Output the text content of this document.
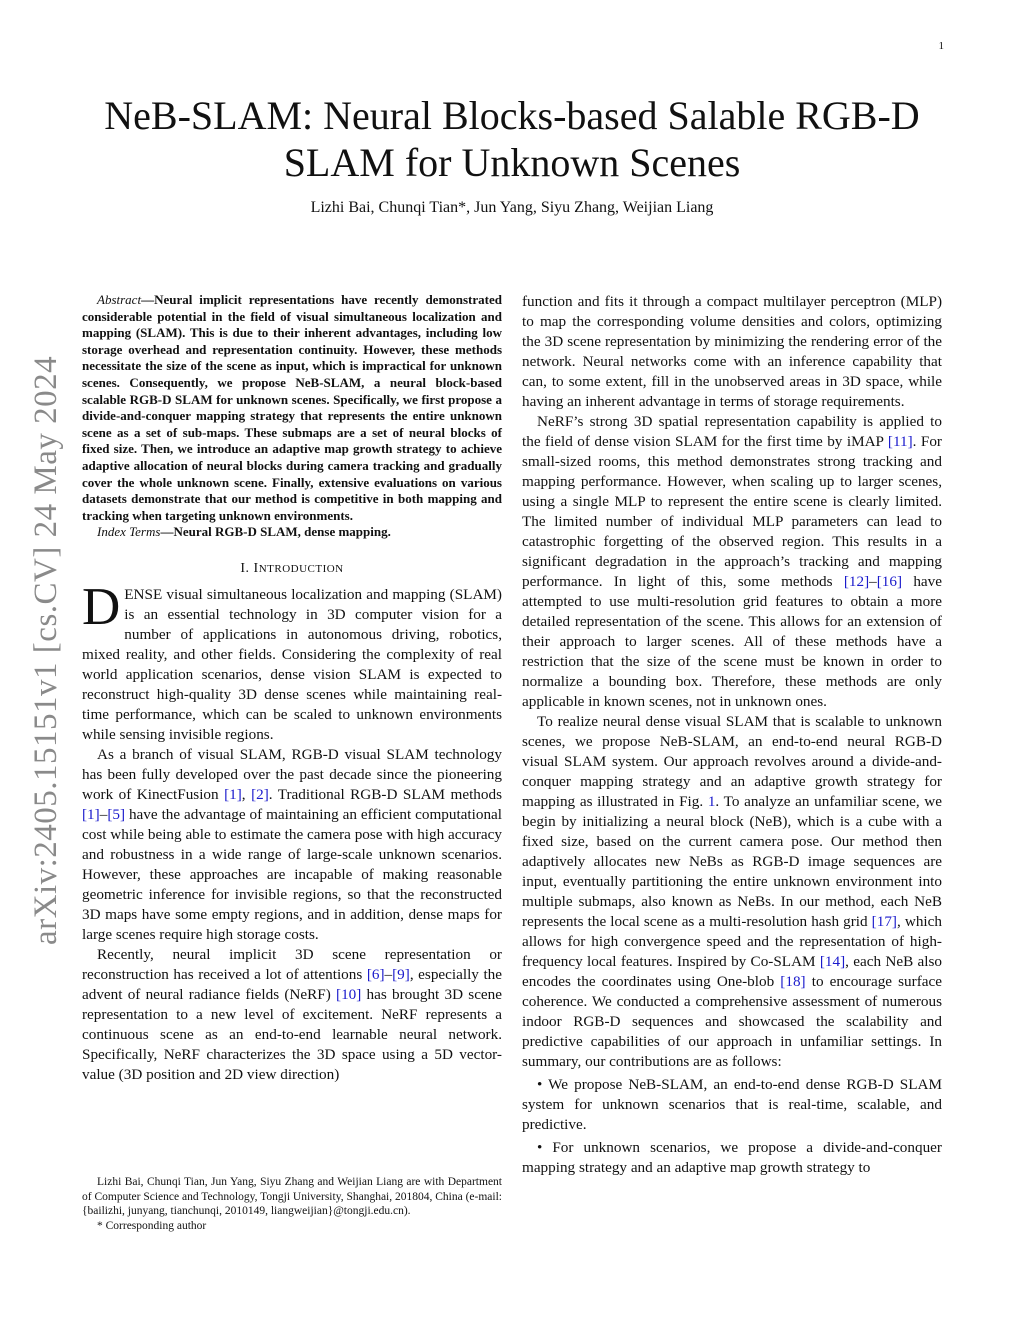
1
arXiv:2405.15151v1 [cs.CV] 24 May 2024
NeB-SLAM: Neural Blocks-based Salable RGB-D SLAM for Unknown Scenes
Lizhi Bai, Chunqi Tian*, Jun Yang, Siyu Zhang, Weijian Liang

Abstract—Neural implicit representations have recently demonstrated considerable potential in the field of visual simultaneous localization and mapping (SLAM). This is due to their inherent advantages, including low storage overhead and representation continuity. However, these methods necessitate the size of the scene as input, which is impractical for unknown scenes. Consequently, we propose NeB-SLAM, a neural block-based scalable RGB-D SLAM for unknown scenes. Specifically, we first propose a divide-and-conquer mapping strategy that represents the entire unknown scene as a set of sub-maps. These submaps are a set of neural blocks of fixed size. Then, we introduce an adaptive map growth strategy to achieve adaptive allocation of neural blocks during camera tracking and gradually cover the whole unknown scene. Finally, extensive evaluations on various datasets demonstrate that our method is competitive in both mapping and tracking when targeting unknown environments.

Index Terms—Neural RGB-D SLAM, dense mapping.

I. INTRODUCTION

DENSE visual simultaneous localization and mapping (SLAM) is an essential technology in 3D computer vision for a number of applications in autonomous driving, robotics, mixed reality, and other fields. Considering the complexity of real world application scenarios, dense vision SLAM is expected to reconstruct high-quality 3D dense scenes while maintaining real-time performance, which can be scaled to unknown environments while sensing invisible regions.

As a branch of visual SLAM, RGB-D visual SLAM technology has been fully developed over the past decade since the pioneering work of KinectFusion [1], [2]. Traditional RGB-D SLAM methods [1]–[5] have the advantage of maintaining an efficient computational cost while being able to estimate the camera pose with high accuracy and robustness in a wide range of large-scale unknown scenarios. However, these approaches are incapable of making reasonable geometric inference for invisible regions, so that the reconstructed 3D maps have some empty regions, and in addition, dense maps for large scenes require high storage costs.

Recently, neural implicit 3D scene representation or reconstruction has received a lot of attentions [6]–[9], especially the advent of neural radiance fields (NeRF) [10] has brought 3D scene representation to a new level of excitement. NeRF represents a continuous scene as an end-to-end learnable neural network. Specifically, NeRF characterizes the 3D space using a 5D vector-value (3D position and 2D view direction)

Lizhi Bai, Chunqi Tian, Jun Yang, Siyu Zhang and Weijian Liang are with Department of Computer Science and Technology, Tongji University, Shanghai, 201804, China (e-mail: {bailizhi, junyang, tianchunqi, 2010149, liangweijian}@tongji.edu.cn).

* Corresponding author

function and fits it through a compact multilayer perceptron (MLP) to map the corresponding volume densities and colors, optimizing the 3D scene representation by minimizing the rendering error of the network. Neural networks come with an inference capability that can, to some extent, fill in the unobserved areas in 3D space, while having an inherent advantage in terms of storage requirements.

NeRF’s strong 3D spatial representation capability is applied to the field of dense vision SLAM for the first time by iMAP [11]. For small-sized rooms, this method demonstrates strong tracking and mapping performance. However, when scaling up to larger scenes, using a single MLP to represent the entire scene is clearly limited. The limited number of individual MLP parameters can lead to catastrophic forgetting of the observed region. This results in a significant degradation in the approach’s tracking and mapping performance. In light of this, some methods [12]–[16] have attempted to use multi-resolution grid features to obtain a more detailed representation of the scene. This allows for an extension of their approach to larger scenes. All of these methods have a restriction that the size of the scene must be known in order to normalize a bounding box. Therefore, these methods are only applicable in known scenes, not in unknown ones.

To realize neural dense visual SLAM that is scalable to unknown scenes, we propose NeB-SLAM, an end-to-end neural RGB-D visual SLAM system. Our approach revolves around a divide-and-conquer mapping strategy and an adaptive growth strategy for mapping as illustrated in Fig. 1. To analyze an unfamiliar scene, we begin by initializing a neural block (NeB), which is a cube with a fixed size, based on the current camera pose. Our method then adaptively allocates new NeBs as RGB-D image sequences are input, eventually partitioning the entire unknown environment into multiple submaps, also known as NeBs. In our method, each NeB represents the local scene as a multi-resolution hash grid [17], which allows for high convergence speed and the representation of high-frequency local features. Inspired by Co-SLAM [14], each NeB also encodes the coordinates using One-blob [18] to encourage surface coherence. We conducted a comprehensive assessment of numerous indoor RGB-D sequences and showcased the scalability and predictive capabilities of our approach in unfamiliar settings. In summary, our contributions are as follows:

• We propose NeB-SLAM, an end-to-end dense RGB-D SLAM system for unknown scenarios that is real-time, scalable, and predictive.

• For unknown scenarios, we propose a divide-and-conquer mapping strategy and an adaptive map growth strategy to
